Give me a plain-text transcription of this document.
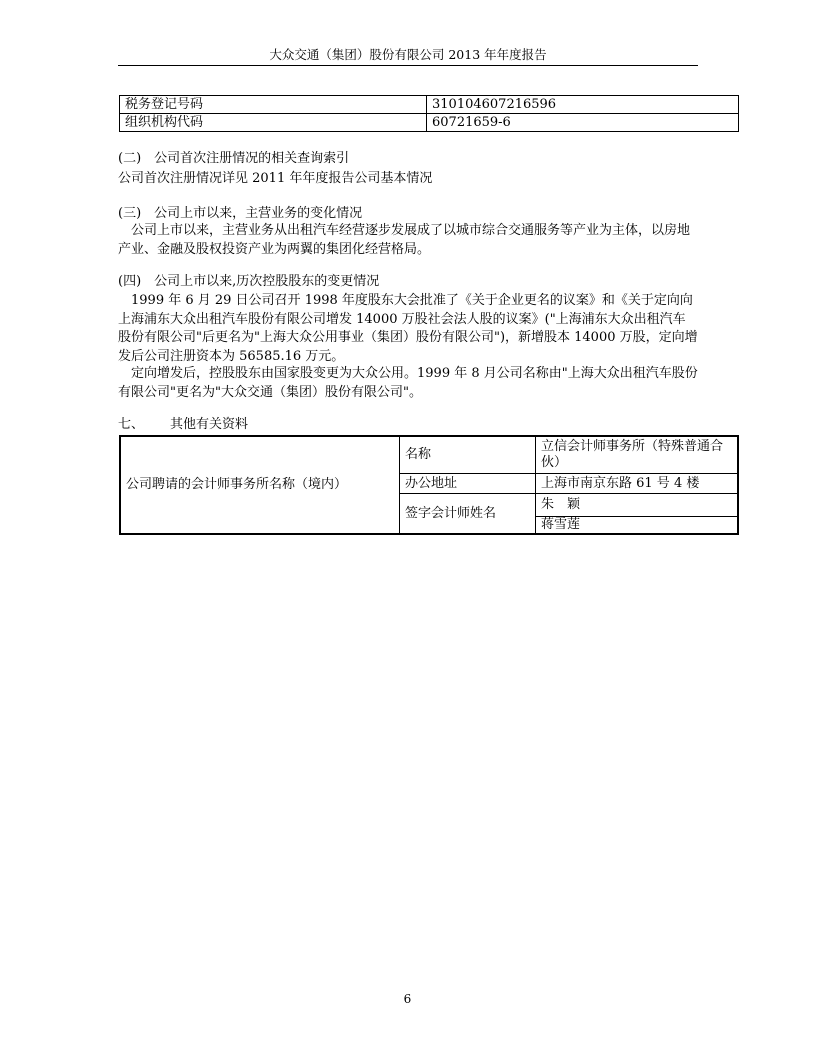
大众交通（集团）股份有限公司 2013 年年度报告
税务登记号码	310104607216596
组织机构代码	60721659-6
(二)　公司首次注册情况的相关查询索引
公司首次注册情况详见 2011 年年度报告公司基本情况
(三)　公司上市以来，主营业务的变化情况
公司上市以来，主营业务从出租汽车经营逐步发展成了以城市综合交通服务等产业为主体，以房地产业、金融及股权投资产业为两翼的集团化经营格局。
(四)　公司上市以来,历次控股股东的变更情况
1999 年 6 月 29 日公司召开 1998 年度股东大会批准了《关于企业更名的议案》和《关于定向向上海浦东大众出租汽车股份有限公司增发 14000 万股社会法人股的议案》("上海浦东大众出租汽车股份有限公司"后更名为"上海大众公用事业（集团）股份有限公司")，新增股本 14000 万股，定向增发后公司注册资本为 56585.16 万元。
定向增发后，控股股东由国家股变更为大众公用。1999 年 8 月公司名称由"上海大众出租汽车股份有限公司"更名为"大众交通（集团）股份有限公司"。
七、 其他有关资料
公司聘请的会计师事务所名称（境内）	名称	立信会计师事务所（特殊普通合伙）
	办公地址	上海市南京东路 61 号 4 楼
	签字会计师姓名	朱　颖
		蒋雪莲
6
